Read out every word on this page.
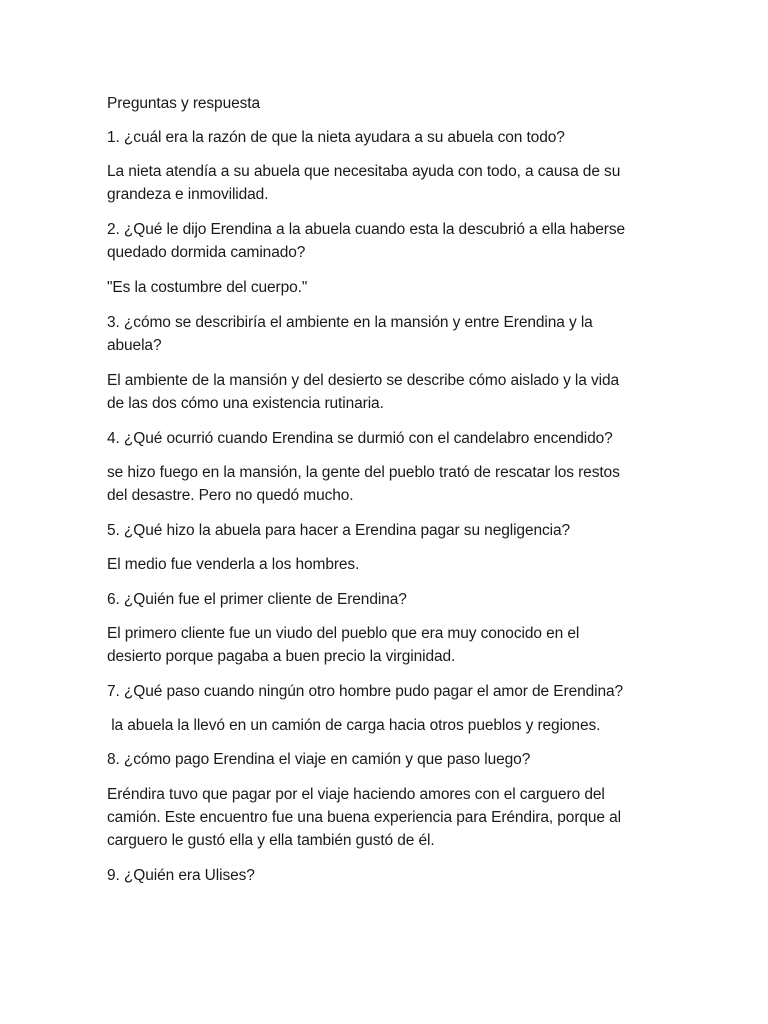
Preguntas y respuesta

1. ¿cuál era la razón de que la nieta ayudara a su abuela con todo?

La nieta atendía a su abuela que necesitaba ayuda con todo, a causa de su

grandeza e inmovilidad.

2. ¿Qué le dijo Erendina a la abuela cuando esta la descubrió a ella haberse

quedado dormida caminado?

"Es la costumbre del cuerpo."

3. ¿cómo se describiría el ambiente en la mansión y entre Erendina y la

abuela?

El ambiente de la mansión y del desierto se describe cómo aislado y la vida

de las dos cómo una existencia rutinaria.

4. ¿Qué ocurrió cuando Erendina se durmió con el candelabro encendido?

se hizo fuego en la mansión, la gente del pueblo trató de rescatar los restos

del desastre. Pero no quedó mucho.

5. ¿Qué hizo la abuela para hacer a Erendina pagar su negligencia?

El medio fue venderla a los hombres.

6. ¿Quién fue el primer cliente de Erendina?

El primero cliente fue un viudo del pueblo que era muy conocido en el

desierto porque pagaba a buen precio la virginidad.

7. ¿Qué paso cuando ningún otro hombre pudo pagar el amor de Erendina?

la abuela la llevó en un camión de carga hacia otros pueblos y regiones.

8. ¿cómo pago Erendina el viaje en camión y que paso luego?

Eréndira tuvo que pagar por el viaje haciendo amores con el carguero del

camión. Este encuentro fue una buena experiencia para Eréndira, porque al

carguero le gustó ella y ella también gustó de él.

9. ¿Quién era Ulises?
